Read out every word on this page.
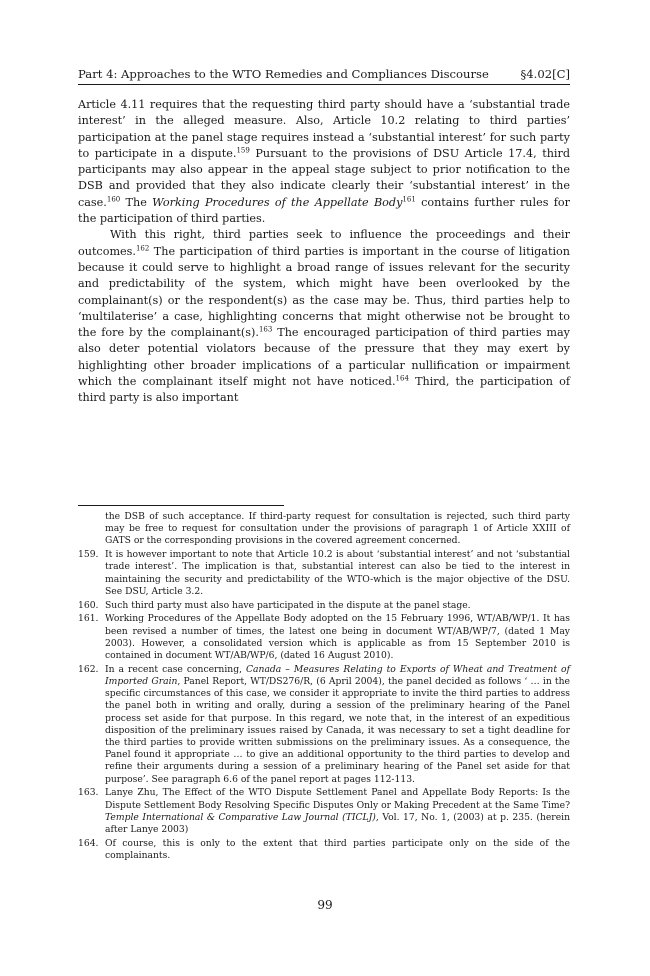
Part 4: Approaches to the WTO Remedies and Compliances Discourse	§4.02[C]

Article 4.11 requires that the requesting third party should have a ‘substantial trade interest’ in the alleged measure. Also, Article 10.2 relating to third parties’ participation at the panel stage requires instead a ‘substantial interest’ for such party to participate in a dispute.$^{159}$ Pursuant to the provisions of DSU Article 17.4, third participants may also appear in the appeal stage subject to prior notification to the DSB and provided that they also indicate clearly their ‘substantial interest’ in the case.$^{160}$ The Working Procedures of the Appellate Body$^{161}$ contains further rules for the participation of third parties.

With this right, third parties seek to influence the proceedings and their outcomes.$^{162}$ The participation of third parties is important in the course of litigation because it could serve to highlight a broad range of issues relevant for the security and predictability of the system, which might have been overlooked by the complainant(s) or the respondent(s) as the case may be. Thus, third parties help to ‘multilaterise’ a case, highlighting concerns that might otherwise not be brought to the fore by the complainant(s).$^{163}$ The encouraged participation of third parties may also deter potential violators because of the pressure that they may exert by highlighting other broader implications of a particular nullification or impairment which the complainant itself might not have noticed.$^{164}$ Third, the participation of third party is also important

the DSB of such acceptance. If third-party request for consultation is rejected, such third party may be free to request for consultation under the provisions of paragraph 1 of Article XXIII of GATS or the corresponding provisions in the covered agreement concerned.
159. It is however important to note that Article 10.2 is about ‘substantial interest’ and not ‘substantial trade interest’. The implication is that, substantial interest can also be tied to the interest in maintaining the security and predictability of the WTO-which is the major objective of the DSU. See DSU, Article 3.2.
160. Such third party must also have participated in the dispute at the panel stage.
161. Working Procedures of the Appellate Body adopted on the 15 February 1996, WT/AB/WP/1. It has been revised a number of times, the latest one being in document WT/AB/WP/7, (dated 1 May 2003). However, a consolidated version which is applicable as from 15 September 2010 is contained in document WT/AB/WP/6, (dated 16 August 2010).
162. In a recent case concerning, Canada – Measures Relating to Exports of Wheat and Treatment of Imported Grain, Panel Report, WT/DS276/R, (6 April 2004), the panel decided as follows ‘ … in the specific circumstances of this case, we consider it appropriate to invite the third parties to address the panel both in writing and orally, during a session of the preliminary hearing of the Panel process set aside for that purpose. In this regard, we note that, in the interest of an expeditious disposition of the preliminary issues raised by Canada, it was necessary to set a tight deadline for the third parties to provide written submissions on the preliminary issues. As a consequence, the Panel found it appropriate … to give an additional opportunity to the third parties to develop and refine their arguments during a session of a preliminary hearing of the Panel set aside for that purpose’. See paragraph 6.6 of the panel report at pages 112-113.
163. Lanye Zhu, The Effect of the WTO Dispute Settlement Panel and Appellate Body Reports: Is the Dispute Settlement Body Resolving Specific Disputes Only or Making Precedent at the Same Time? Temple International & Comparative Law Journal (TICLJ), Vol. 17, No. 1, (2003) at p. 235. (herein after Lanye 2003)
164. Of course, this is only to the extent that third parties participate only on the side of the complainants.
99
